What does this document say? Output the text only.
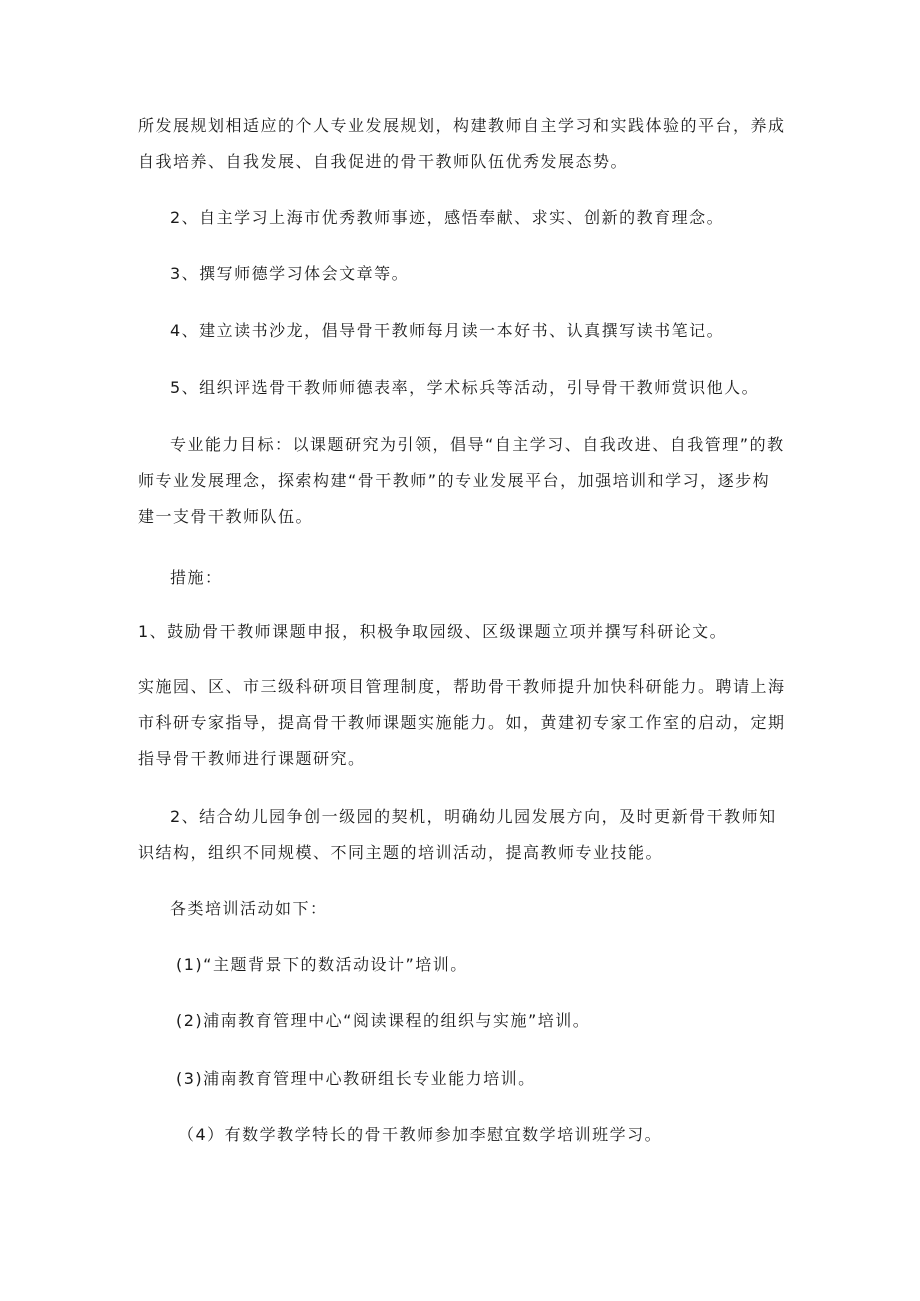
所发展规划相适应的个人专业发展规划，构建教师自主学习和实践体验的平台，养成自我培养、自我发展、自我促进的骨干教师队伍优秀发展态势。

2、自主学习上海市优秀教师事迹，感悟奉献、求实、创新的教育理念。

3、撰写师德学习体会文章等。

4、建立读书沙龙，倡导骨干教师每月读一本好书、认真撰写读书笔记。

5、组织评选骨干教师师德表率，学术标兵等活动，引导骨干教师赏识他人。

专业能力目标：以课题研究为引领，倡导“自主学习、自我改进、自我管理”的教师专业发展理念，探索构建“骨干教师”的专业发展平台，加强培训和学习，逐步构建一支骨干教师队伍。

措施：

1、鼓励骨干教师课题申报，积极争取园级、区级课题立项并撰写科研论文。

实施园、区、市三级科研项目管理制度，帮助骨干教师提升加快科研能力。聘请上海市科研专家指导，提高骨干教师课题实施能力。如，黄建初专家工作室的启动，定期指导骨干教师进行课题研究。

2、结合幼儿园争创一级园的契机，明确幼儿园发展方向，及时更新骨干教师知识结构，组织不同规模、不同主题的培训活动，提高教师专业技能。

各类培训活动如下：

(1)“主题背景下的数活动设计”培训。

(2)浦南教育管理中心“阅读课程的组织与实施”培训。

(3)浦南教育管理中心教研组长专业能力培训。

（4）有数学教学特长的骨干教师参加李慰宜数学培训班学习。
